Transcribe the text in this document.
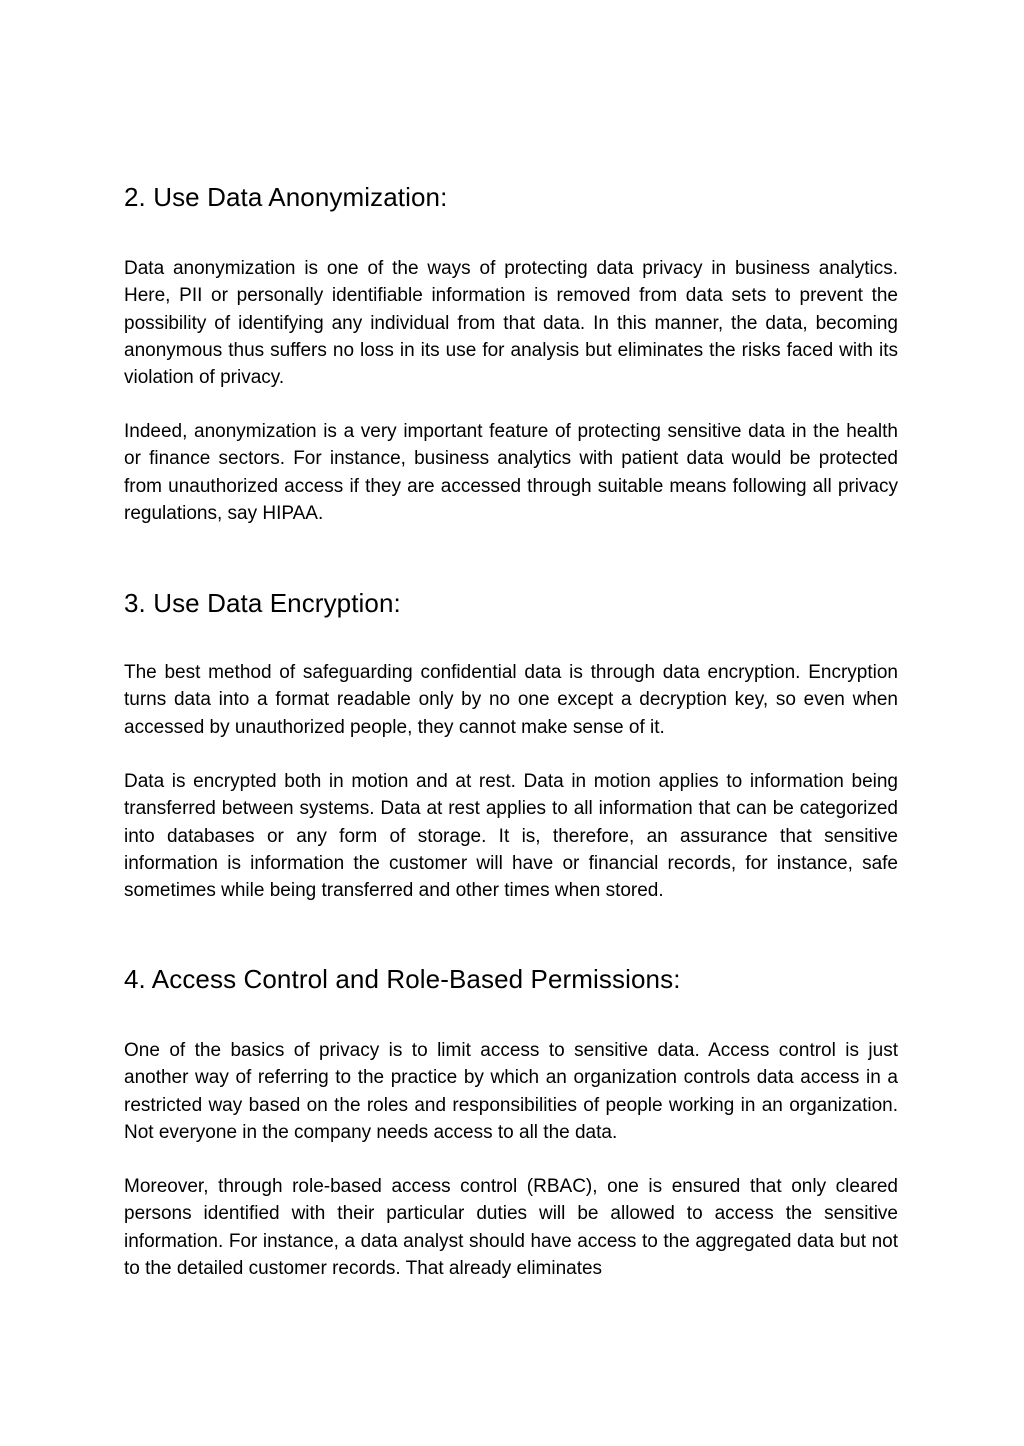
2. Use Data Anonymization:

Data anonymization is one of the ways of protecting data privacy in business analytics. Here, PII or personally identifiable information is removed from data sets to prevent the possibility of identifying any individual from that data. In this manner, the data, becoming anonymous thus suffers no loss in its use for analysis but eliminates the risks faced with its violation of privacy.

Indeed, anonymization is a very important feature of protecting sensitive data in the health or finance sectors. For instance, business analytics with patient data would be protected from unauthorized access if they are accessed through suitable means following all privacy regulations, say HIPAA.

3. Use Data Encryption:

The best method of safeguarding confidential data is through data encryption. Encryption turns data into a format readable only by no one except a decryption key, so even when accessed by unauthorized people, they cannot make sense of it.

Data is encrypted both in motion and at rest. Data in motion applies to information being transferred between systems. Data at rest applies to all information that can be categorized into databases or any form of storage. It is, therefore, an assurance that sensitive information is information the customer will have or financial records, for instance, safe sometimes while being transferred and other times when stored.

4. Access Control and Role-Based Permissions:

One of the basics of privacy is to limit access to sensitive data. Access control is just another way of referring to the practice by which an organization controls data access in a restricted way based on the roles and responsibilities of people working in an organization. Not everyone in the company needs access to all the data.

Moreover, through role-based access control (RBAC), one is ensured that only cleared persons identified with their particular duties will be allowed to access the sensitive information. For instance, a data analyst should have access to the aggregated data but not to the detailed customer records. That already eliminates
